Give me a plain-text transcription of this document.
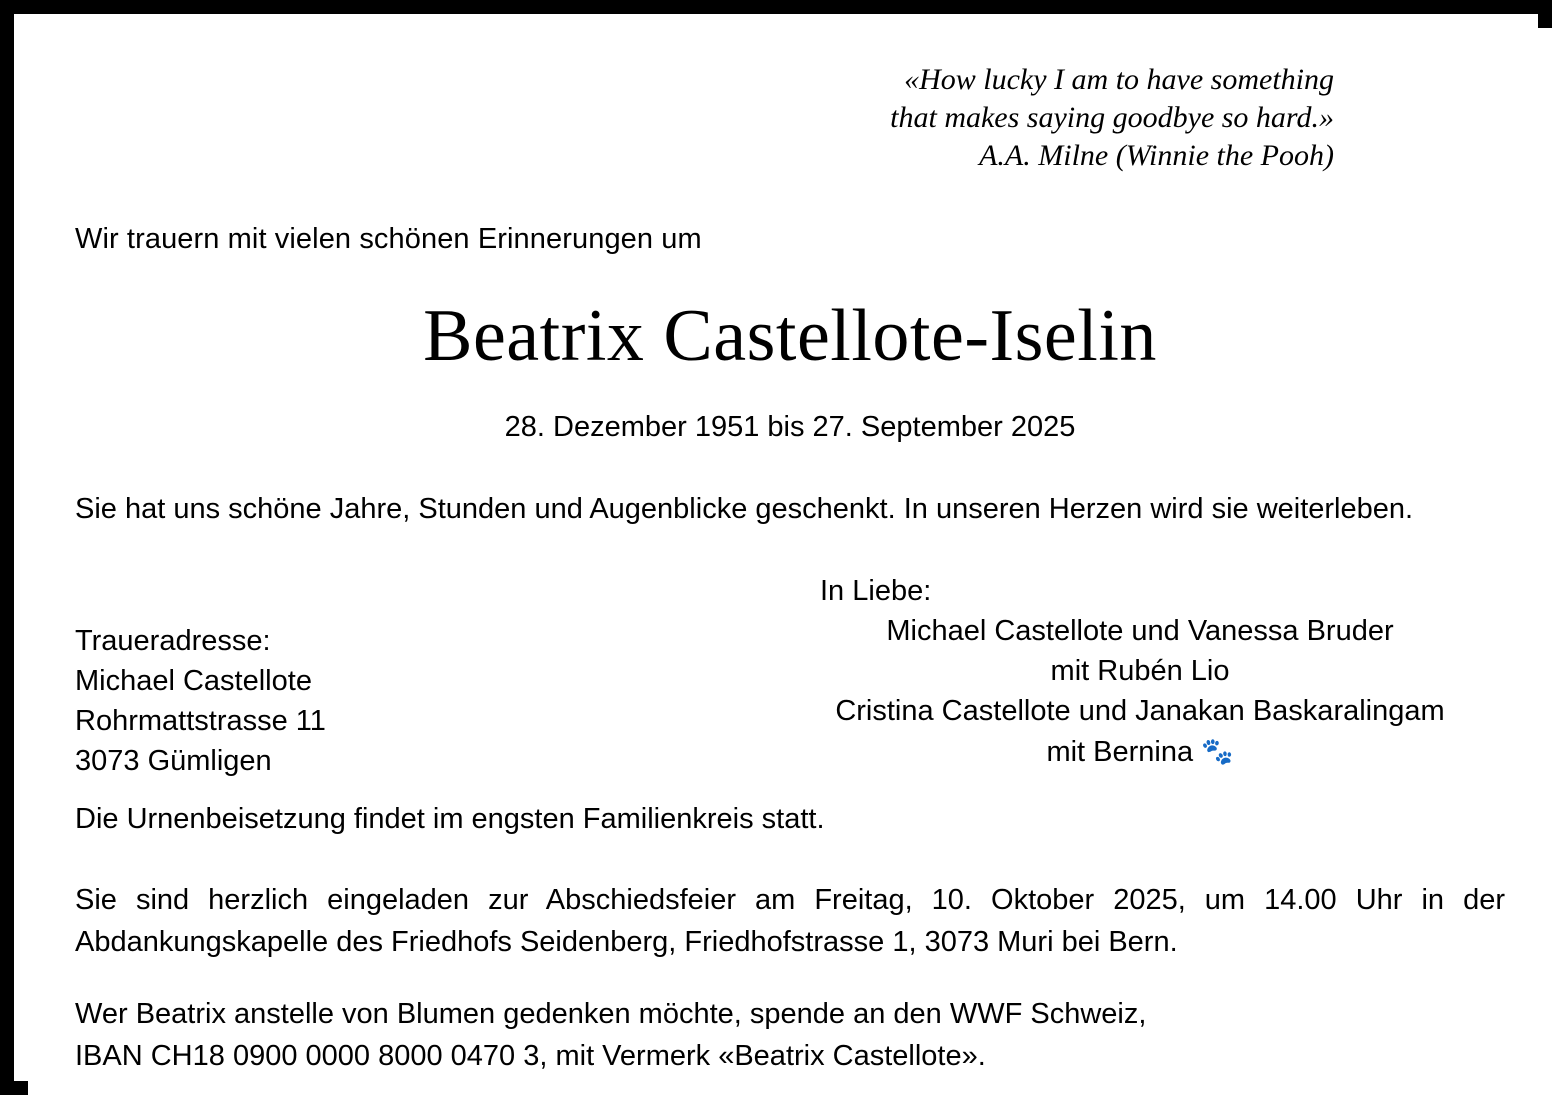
«How lucky I am to have something
that makes saying goodbye so hard.»
A.A. Milne (Winnie the Pooh)
Wir trauern mit vielen schönen Erinnerungen um
Beatrix Castellote-Iselin
28. Dezember 1951 bis 27. September 2025
Sie hat uns schöne Jahre, Stunden und Augenblicke geschenkt. In unseren Herzen wird sie weiterleben.
Traueradresse:
Michael Castellote
Rohrmattstrasse 11
3073 Gümligen
In Liebe:
Michael Castellote und Vanessa Bruder
mit Rubén Lio
Cristina Castellote und Janakan Baskaralingam
mit Bernina 🐾
Die Urnenbeisetzung findet im engsten Familienkreis statt.
Sie sind herzlich eingeladen zur Abschiedsfeier am Freitag, 10. Oktober 2025, um 14.00 Uhr in der Abdankungskapelle des Friedhofs Seidenberg, Friedhofstrasse 1, 3073 Muri bei Bern.
Wer Beatrix anstelle von Blumen gedenken möchte, spende an den WWF Schweiz,
IBAN CH18 0900 0000 8000 0470 3, mit Vermerk «Beatrix Castellote».
